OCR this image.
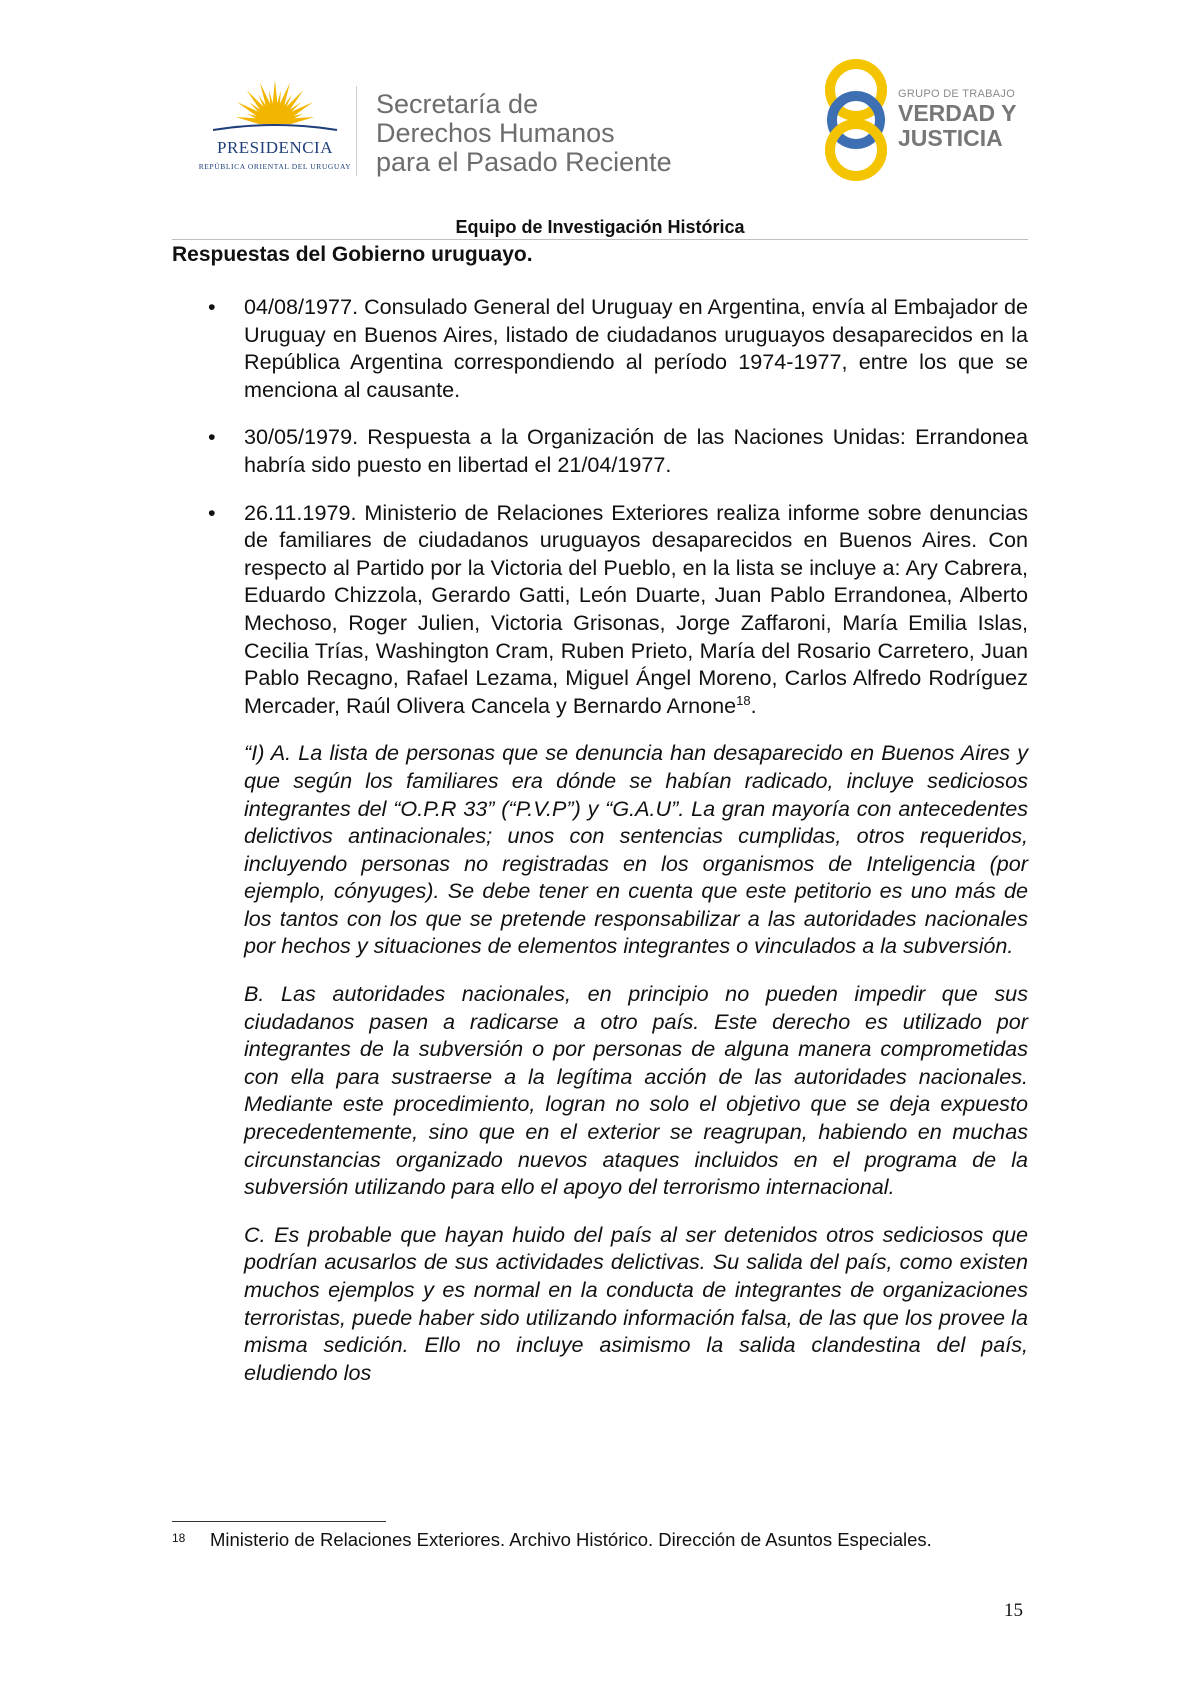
PRESIDENCIA
REPÚBLICA ORIENTAL DEL URUGUAY
Secretaría de
Derechos Humanos
para el Pasado Reciente
GRUPO DE TRABAJO
VERDAD Y
JUSTICIA
Equipo de Investigación Histórica
Respuestas del Gobierno uruguayo.
• 04/08/1977. Consulado General del Uruguay en Argentina, envía al Embajador de Uruguay en Buenos Aires, listado de ciudadanos uruguayos desaparecidos en la República Argentina correspondiendo al período 1974-1977, entre los que se menciona al causante.

• 30/05/1979. Respuesta a la Organización de las Naciones Unidas: Errandonea habría sido puesto en libertad el 21/04/1977.

• 26.11.1979. Ministerio de Relaciones Exteriores realiza informe sobre denuncias de familiares de ciudadanos uruguayos desaparecidos en Buenos Aires. Con respecto al Partido por la Victoria del Pueblo, en la lista se incluye a: Ary Cabrera, Eduardo Chizzola, Gerardo Gatti, León Duarte, Juan Pablo Errandonea, Alberto Mechoso, Roger Julien, Victoria Grisonas, Jorge Zaffaroni, María Emilia Islas, Cecilia Trías, Washington Cram, Ruben Prieto, María del Rosario Carretero, Juan Pablo Recagno, Rafael Lezama, Miguel Ángel Moreno, Carlos Alfredo Rodríguez Mercader, Raúl Olivera Cancela y Bernardo Arnone$^{18}$.

“I) A. La lista de personas que se denuncia han desaparecido en Buenos Aires y que según los familiares era dónde se habían radicado, incluye sediciosos integrantes del “O.P.R 33” (“P.V.P”) y “G.A.U”. La gran mayoría con antecedentes delictivos antinacionales; unos con sentencias cumplidas, otros requeridos, incluyendo personas no registradas en los organismos de Inteligencia (por ejemplo, cónyuges). Se debe tener en cuenta que este petitorio es uno más de los tantos con los que se pretende responsabilizar a las autoridades nacionales por hechos y situaciones de elementos integrantes o vinculados a la subversión.

B. Las autoridades nacionales, en principio no pueden impedir que sus ciudadanos pasen a radicarse a otro país. Este derecho es utilizado por integrantes de la subversión o por personas de alguna manera comprometidas con ella para sustraerse a la legítima acción de las autoridades nacionales. Mediante este procedimiento, logran no solo el objetivo que se deja expuesto precedentemente, sino que en el exterior se reagrupan, habiendo en muchas circunstancias organizado nuevos ataques incluidos en el programa de la subversión utilizando para ello el apoyo del terrorismo internacional.

C. Es probable que hayan huido del país al ser detenidos otros sediciosos que podrían acusarlos de sus actividades delictivas. Su salida del país, como existen muchos ejemplos y es normal en la conducta de integrantes de organizaciones terroristas, puede haber sido utilizando información falsa, de las que los provee la misma sedición. Ello no incluye asimismo la salida clandestina del país, eludiendo los

18 Ministerio de Relaciones Exteriores. Archivo Histórico. Dirección de Asuntos Especiales.
15
